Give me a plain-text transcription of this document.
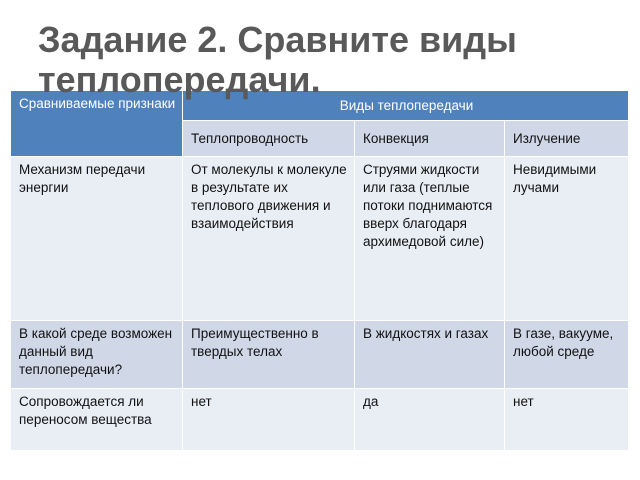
Сравниваемые признаки	Виды теплопередачи		
	Теплопроводность	Конвекция	Излучение
Механизм передачи энергии	От молекулы к молекуле в результате их теплового движения и взаимодействия	Струями жидкости или газа (теплые потоки поднимаются вверх благодаря архимедовой силе)	Невидимыми лучами
В какой среде возможен данный вид теплопередачи?	Преимущественно в твердых телах	В жидкостях и газах	В газе, вакууме, любой среде
Сопровождается ли переносом вещества	нет	да	нет
Задание 2. Сравните виды теплопередачи.
PPt4WEB.ru
